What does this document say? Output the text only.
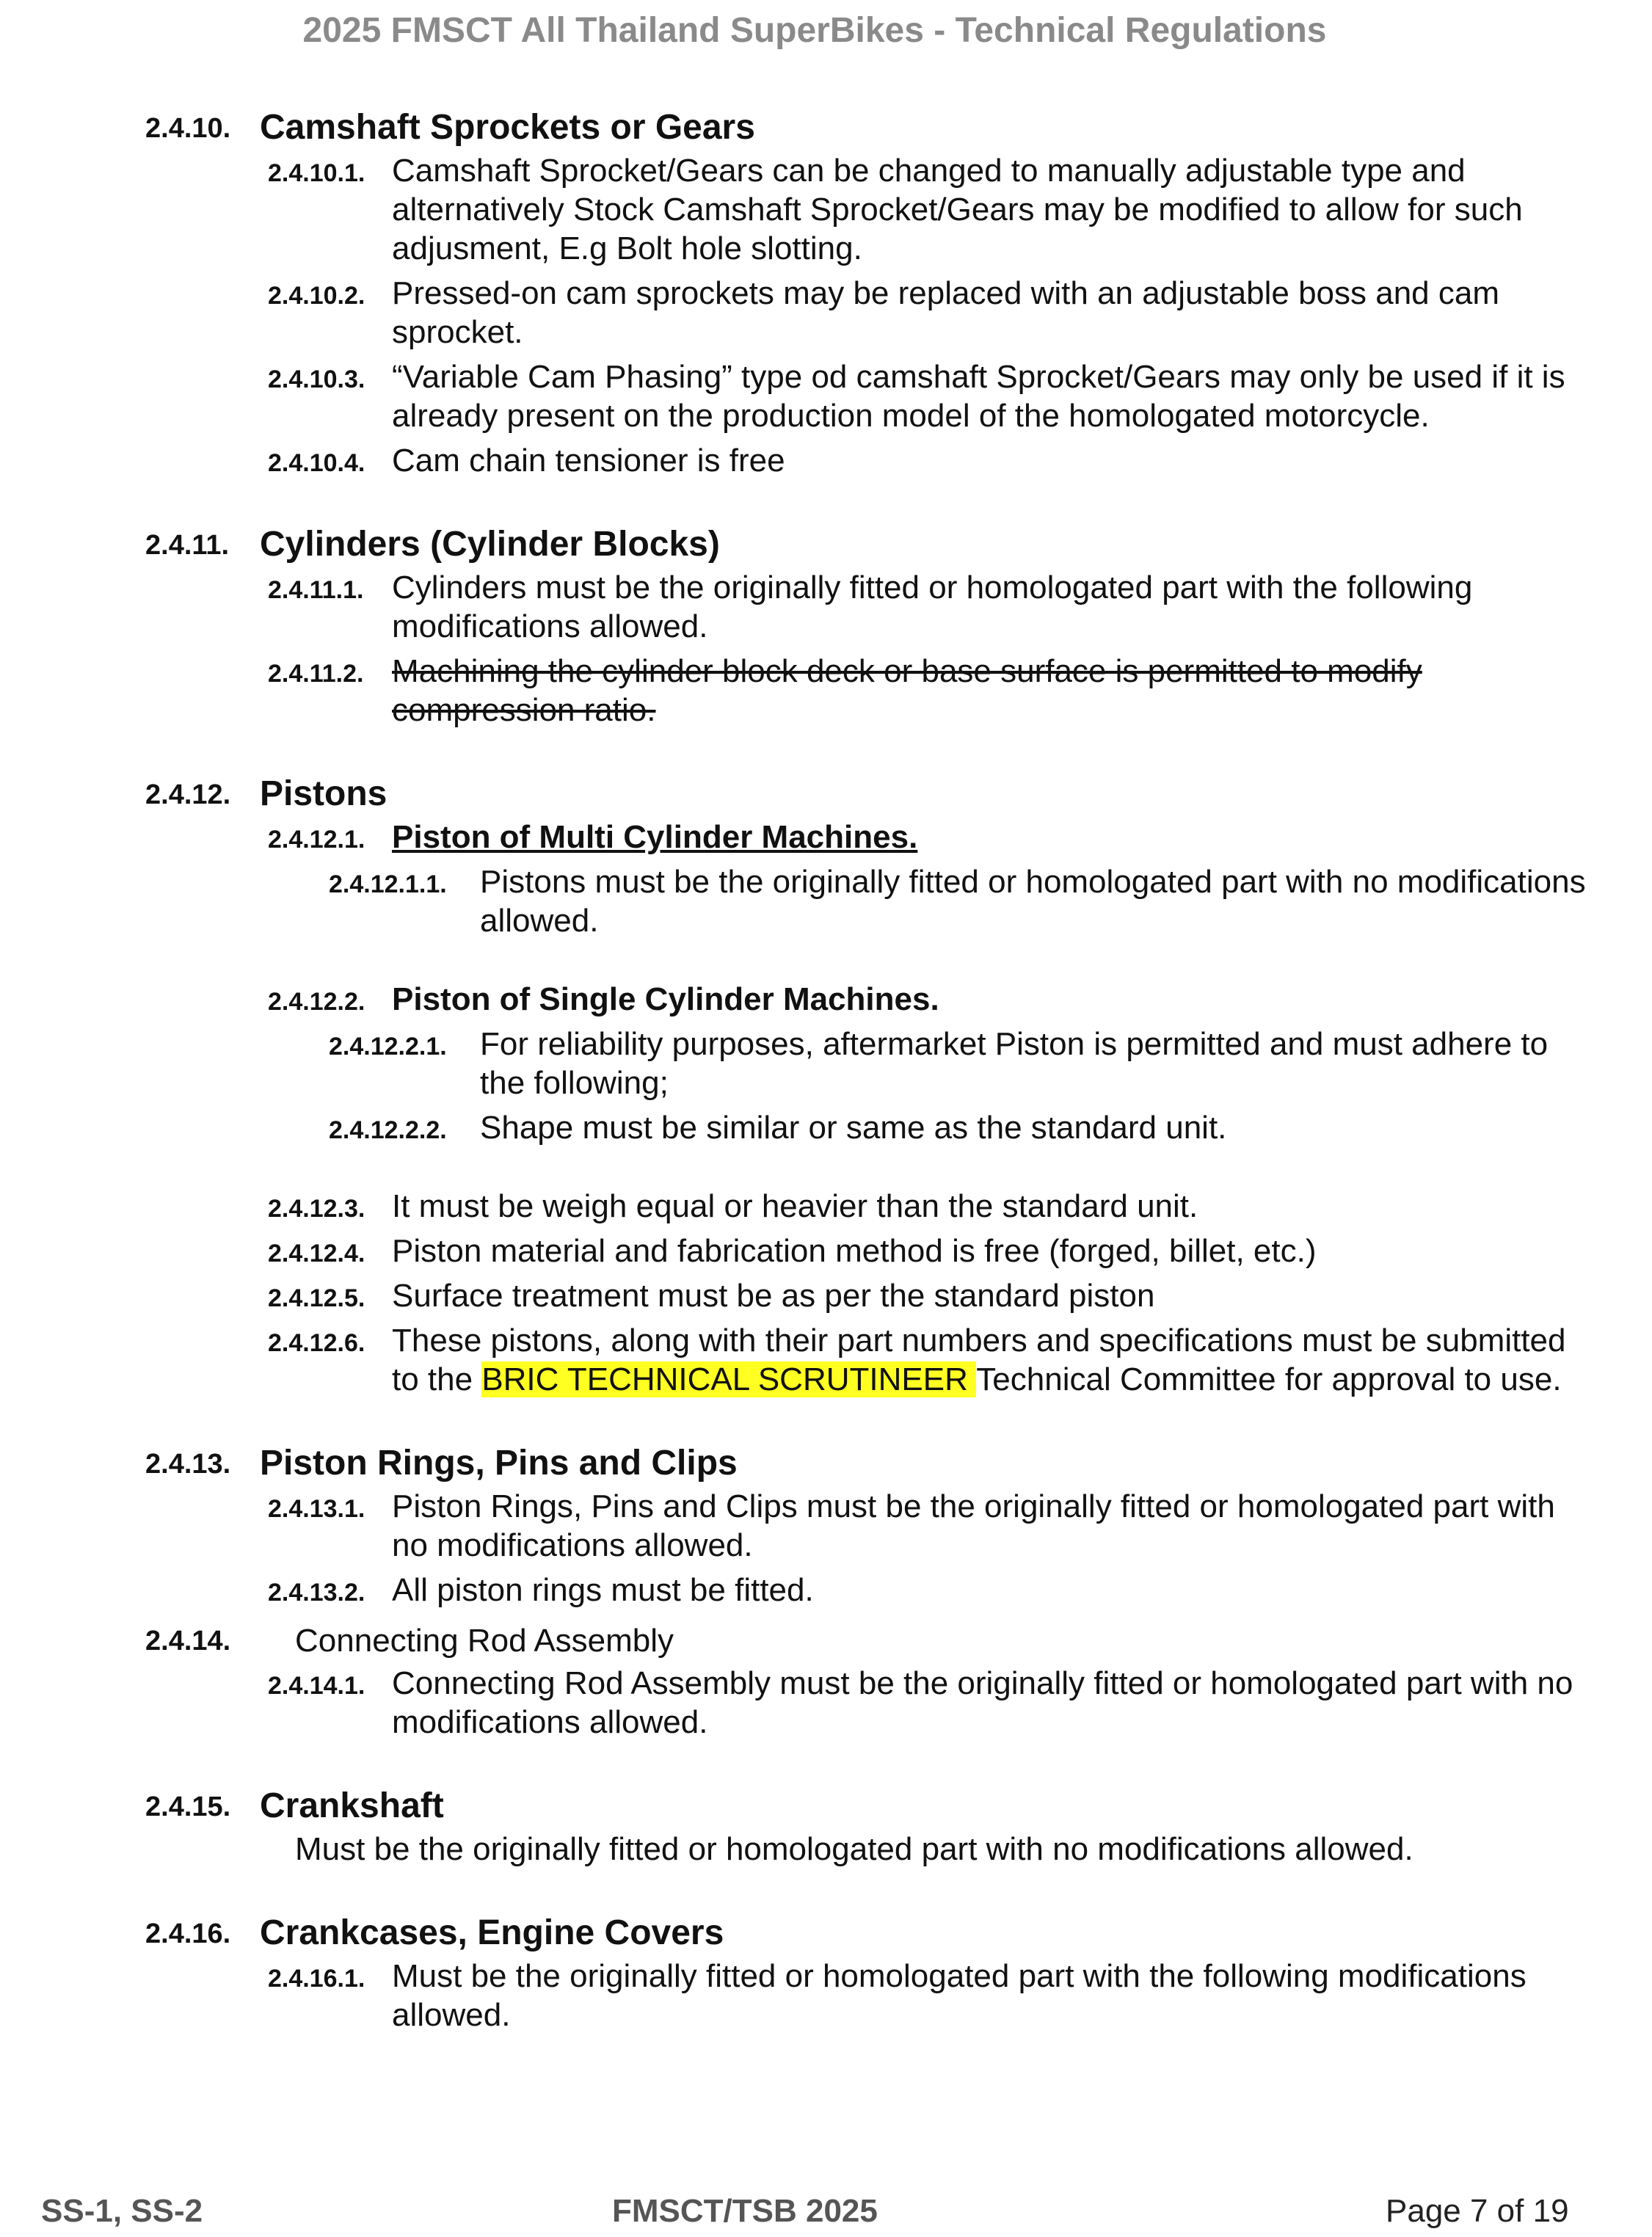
2025 FMSCT All Thailand SuperBikes - Technical Regulations
2.4.10. Camshaft Sprockets or Gears
2.4.10.1. Camshaft Sprocket/Gears can be changed to manually adjustable type and alternatively Stock Camshaft Sprocket/Gears may be modified to allow for such adjusment, E.g Bolt hole slotting.
2.4.10.2. Pressed-on cam sprockets may be replaced with an adjustable boss and cam sprocket.
2.4.10.3. “Variable Cam Phasing” type od camshaft Sprocket/Gears may only be used if it is already present on the production model of the homologated motorcycle.
2.4.10.4. Cam chain tensioner is free
2.4.11. Cylinders (Cylinder Blocks)
2.4.11.1. Cylinders must be the originally fitted or homologated part with the following modifications allowed.
2.4.11.2. Machining the cylinder block deck or base surface is permitted to modify compression ratio.
2.4.12. Pistons
2.4.12.1. Piston of Multi Cylinder Machines.
2.4.12.1.1. Pistons must be the originally fitted or homologated part with no modifications allowed.
2.4.12.2. Piston of Single Cylinder Machines.
2.4.12.2.1. For reliability purposes, aftermarket Piston is permitted and must adhere to the following;
2.4.12.2.2. Shape must be similar or same as the standard unit.
2.4.12.3. It must be weigh equal or heavier than the standard unit.
2.4.12.4. Piston material and fabrication method is free (forged, billet, etc.)
2.4.12.5. Surface treatment must be as per the standard piston
2.4.12.6. These pistons, along with their part numbers and specifications must be submitted to the BRIC TECHNICAL SCRUTINEER Technical Committee for approval to use.
2.4.13. Piston Rings, Pins and Clips
2.4.13.1. Piston Rings, Pins and Clips must be the originally fitted or homologated part with no modifications allowed.
2.4.13.2. All piston rings must be fitted.
2.4.14. Connecting Rod Assembly
2.4.14.1. Connecting Rod Assembly must be the originally fitted or homologated part with no modifications allowed.
2.4.15. Crankshaft
Must be the originally fitted or homologated part with no modifications allowed.
2.4.16. Crankcases, Engine Covers
2.4.16.1. Must be the originally fitted or homologated part with the following modifications allowed.
SS-1, SS-2	FMSCT/TSB 2025	Page 7 of 19
